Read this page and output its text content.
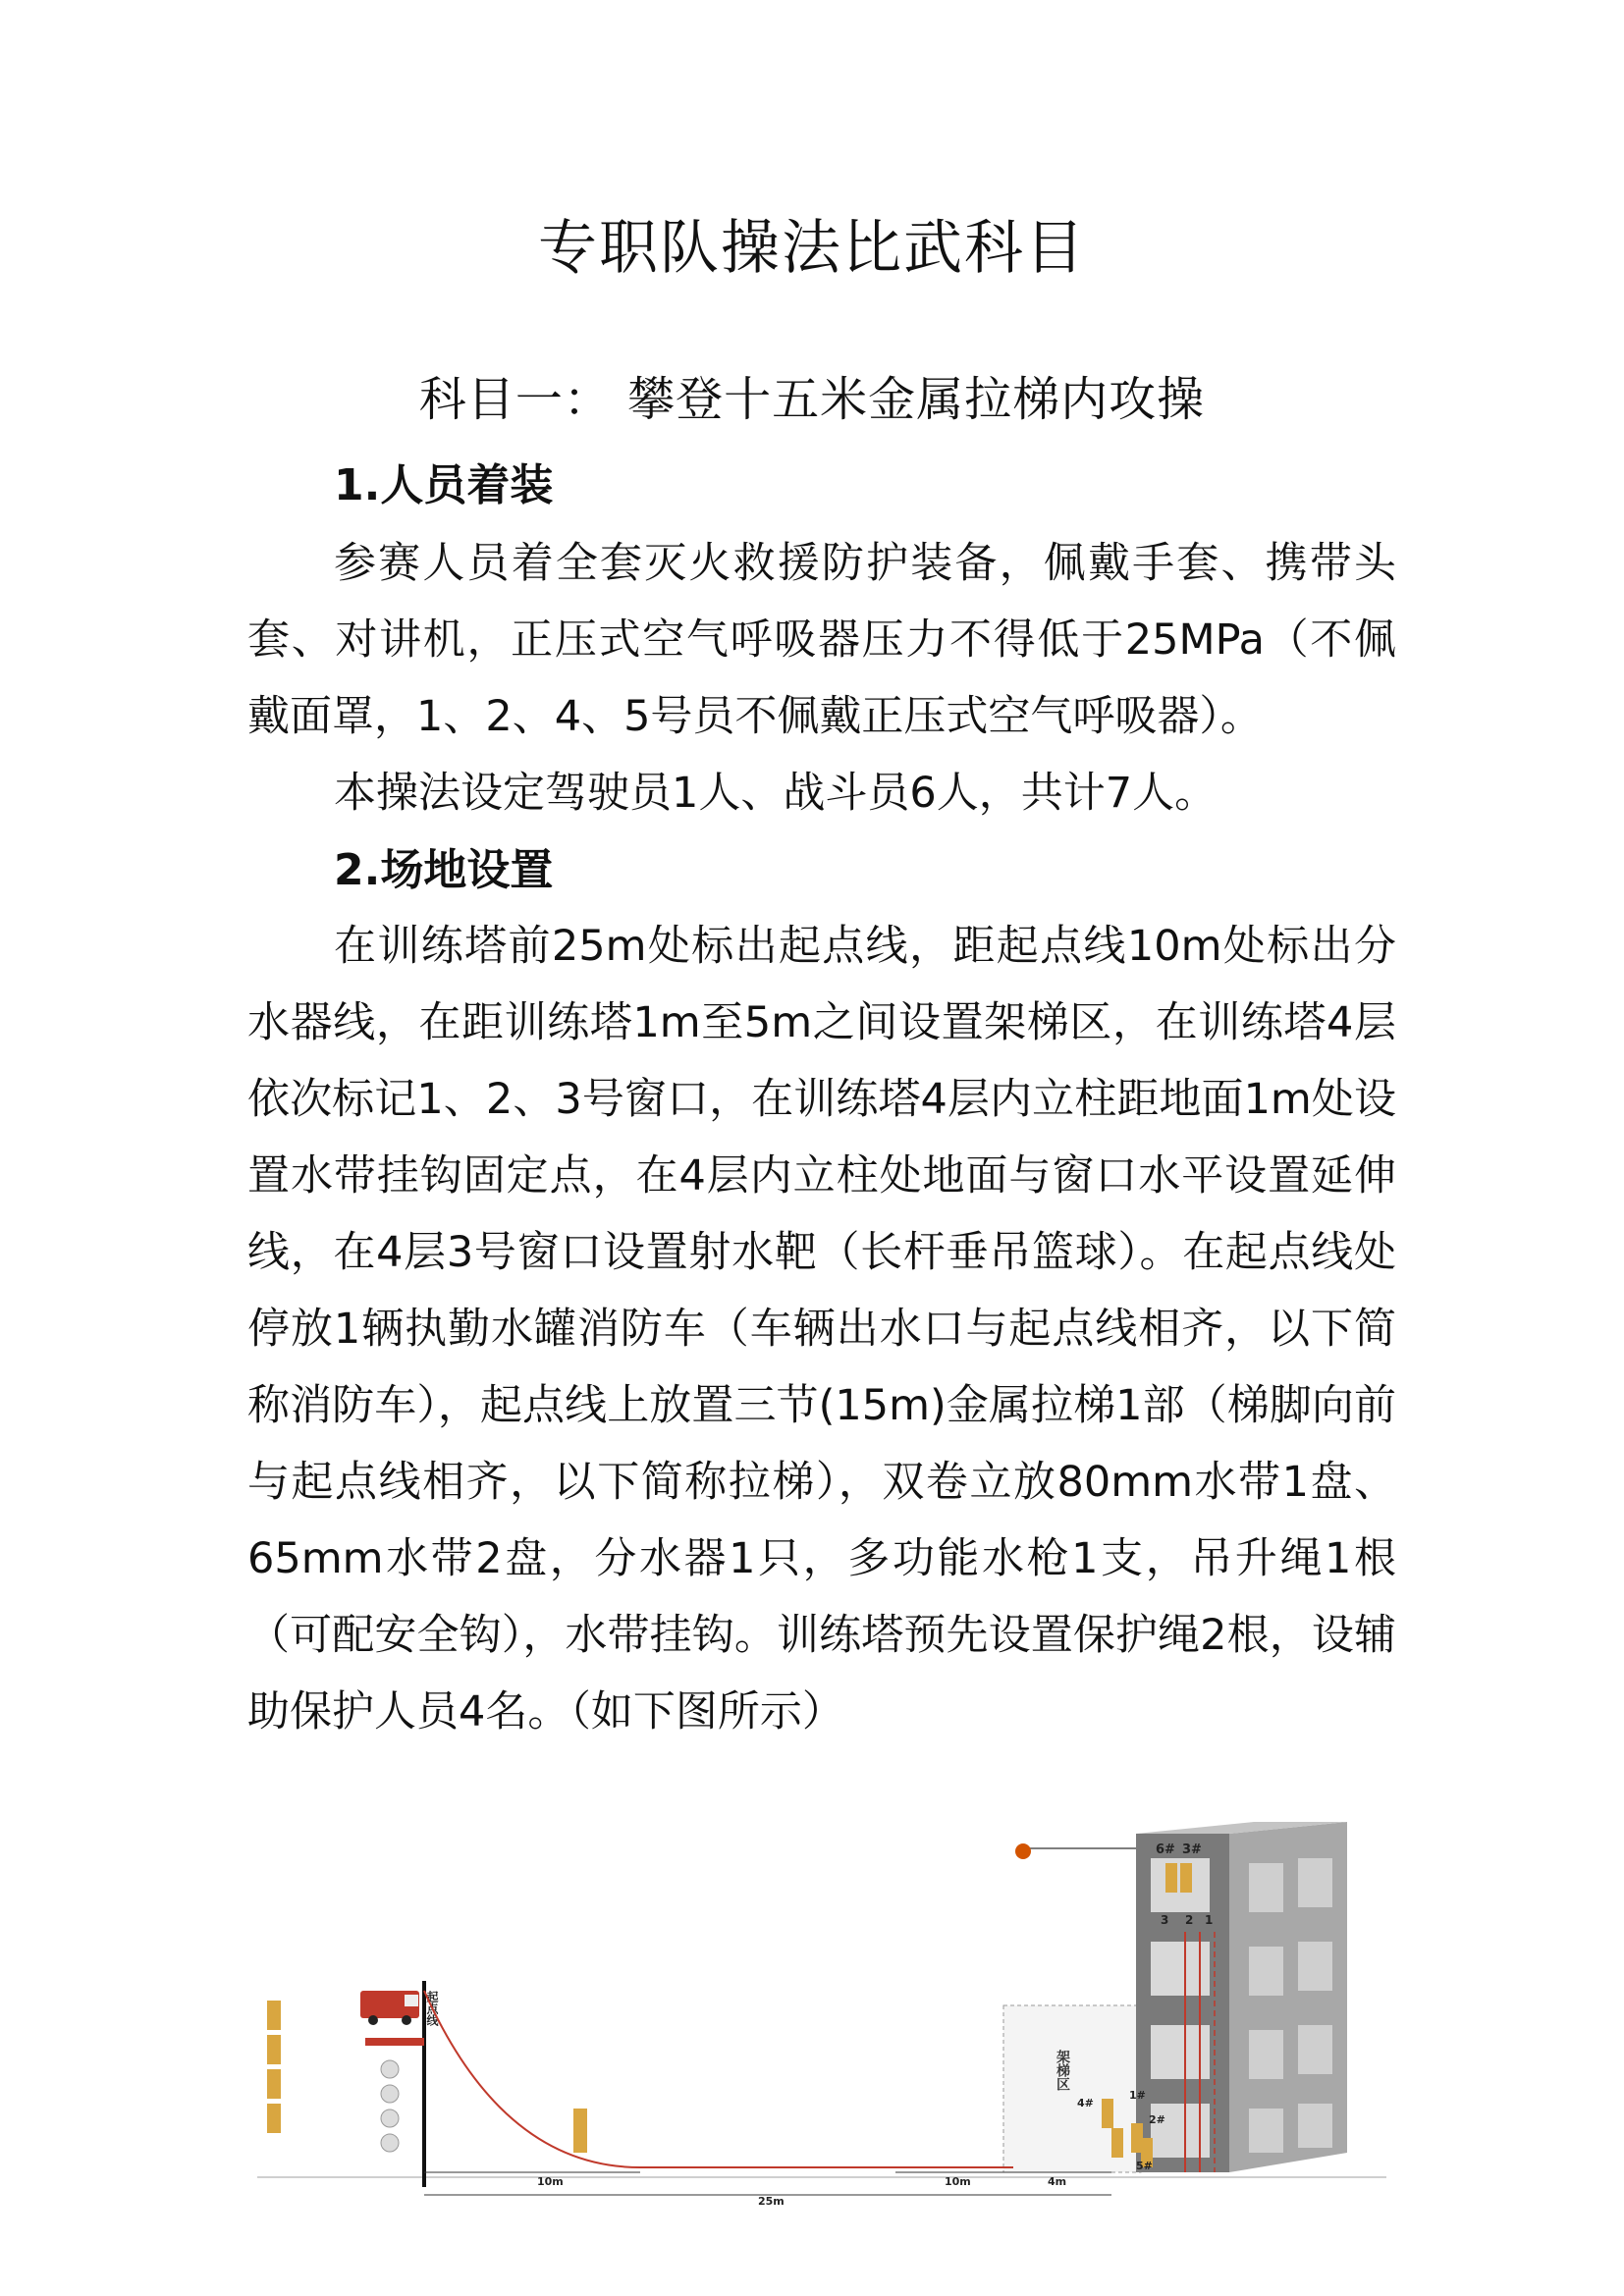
专职队操法比武科目
科目一： 攀登十五米金属拉梯内攻操
1.人员着装

参赛人员着全套灭火救援防护装备，佩戴手套、携带头套、对讲机，正压式空气呼吸器压力不得低于25MPa（不佩戴面罩，1、2、4、5号员不佩戴正压式空气呼吸器）。

本操法设定驾驶员1人、战斗员6人，共计7人。

2.场地设置

在训练塔前25m处标出起点线，距起点线10m处标出分水器线，在距训练塔1m至5m之间设置架梯区，在训练塔4层依次标记1、2、3号窗口，在训练塔4层内立柱距地面1m处设置水带挂钩固定点，在4层内立柱处地面与窗口水平设置延伸线，在4层3号窗口设置射水靶（长杆垂吊篮球）。在起点线处停放1辆执勤水罐消防车（车辆出水口与起点线相齐，以下简称消防车），起点线上放置三节(15m)金属拉梯1部（梯脚向前与起点线相齐，以下简称拉梯），双卷立放80mm水带1盘、65mm水带2盘，分水器1只，多功能水枪1支，吊升绳1根（可配安全钩），水带挂钩。训练塔预先设置保护绳2根，设辅助保护人员4名。（如下图所示）

架梯区
6# 3#
3 2 1
1#
4#
2#
5#
起点线
10m	10m	4m
25m
